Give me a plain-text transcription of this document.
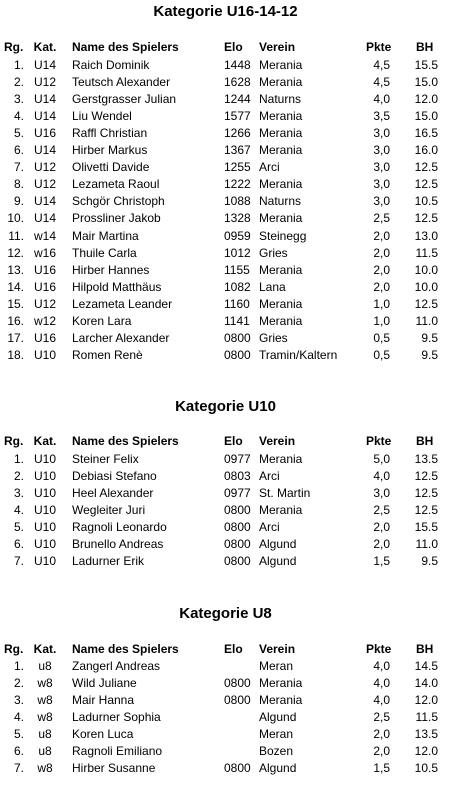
Kategorie U16-14-12
Rg. Kat.	Name des Spielers	Elo Verein	Pkte BH
1. U14	Raich Dominik	1448 Merania	4,5	15.5
2. U12	Teutsch Alexander	1628 Merania	4,5	15.0
3. U14	Gerstgrasser Julian	1244 Naturns	4,0	12.0
4. U14	Liu Wendel	1577 Merania	3,5	15.0
5. U16	Raffl Christian	1266 Merania	3,0	16.5
6. U14	Hirber Markus	1367 Merania	3,0	16.0
7. U12	Olivetti Davide	1255 Arci	3,0	12.5
8. U12	Lezameta Raoul	1222 Merania	3,0	12.5
9. U14	Schgör Christoph	1088 Naturns	3,0	10.5
10. U14	Prossliner Jakob	1328 Merania	2,5	12.5
11. w14	Mair Martina	0959 Steinegg	2,0	13.0
12. w16	Thuile Carla	1012 Gries	2,0	11.5
13. U16	Hirber Hannes	1155 Merania	2,0	10.0
14. U16	Hilpold Matthäus	1082 Lana	2,0	10.0
15. U12	Lezameta Leander	1160 Merania	1,0	12.5
16. w12	Koren Lara	1141 Merania	1,0	11.0
17. U16	Larcher Alexander	0800 Gries	0,5	9.5
18. U10	Romen Renè	0800 Tramin/Kaltern	0,5	9.5
Kategorie U10
Rg. Kat.	Name des Spielers	Elo Verein	Pkte BH
1. U10	Steiner Felix	0977 Merania	5,0	13.5
2. U10	Debiasi Stefano	0803 Arci	4,0	12.5
3. U10	Heel Alexander	0977 St. Martin	3,0	12.5
4. U10	Wegleiter Juri	0800 Merania	2,5	12.5
5. U10	Ragnoli Leonardo	0800 Arci	2,0	15.5
6. U10	Brunello Andreas	0800 Algund	2,0	11.0
7. U10	Ladurner Erik	0800 Algund	1,5	9.5
Kategorie U8
Rg. Kat.	Name des Spielers	Elo Verein	Pkte BH
1.	u8	Zangerl Andreas	Meran	4,0	14.5
2.	w8	Wild Juliane	0800 Merania	4,0	14.0
3.	w8	Mair Hanna	0800 Merania	4,0	12.0
4.	w8	Ladurner Sophia	Algund	2,5	11.5
5.	u8	Koren Luca	Meran	2,0	13.5
6.	u8	Ragnoli Emiliano	Bozen	2,0	12.0
7.	w8	Hirber Susanne	0800 Algund	1,5	10.5
